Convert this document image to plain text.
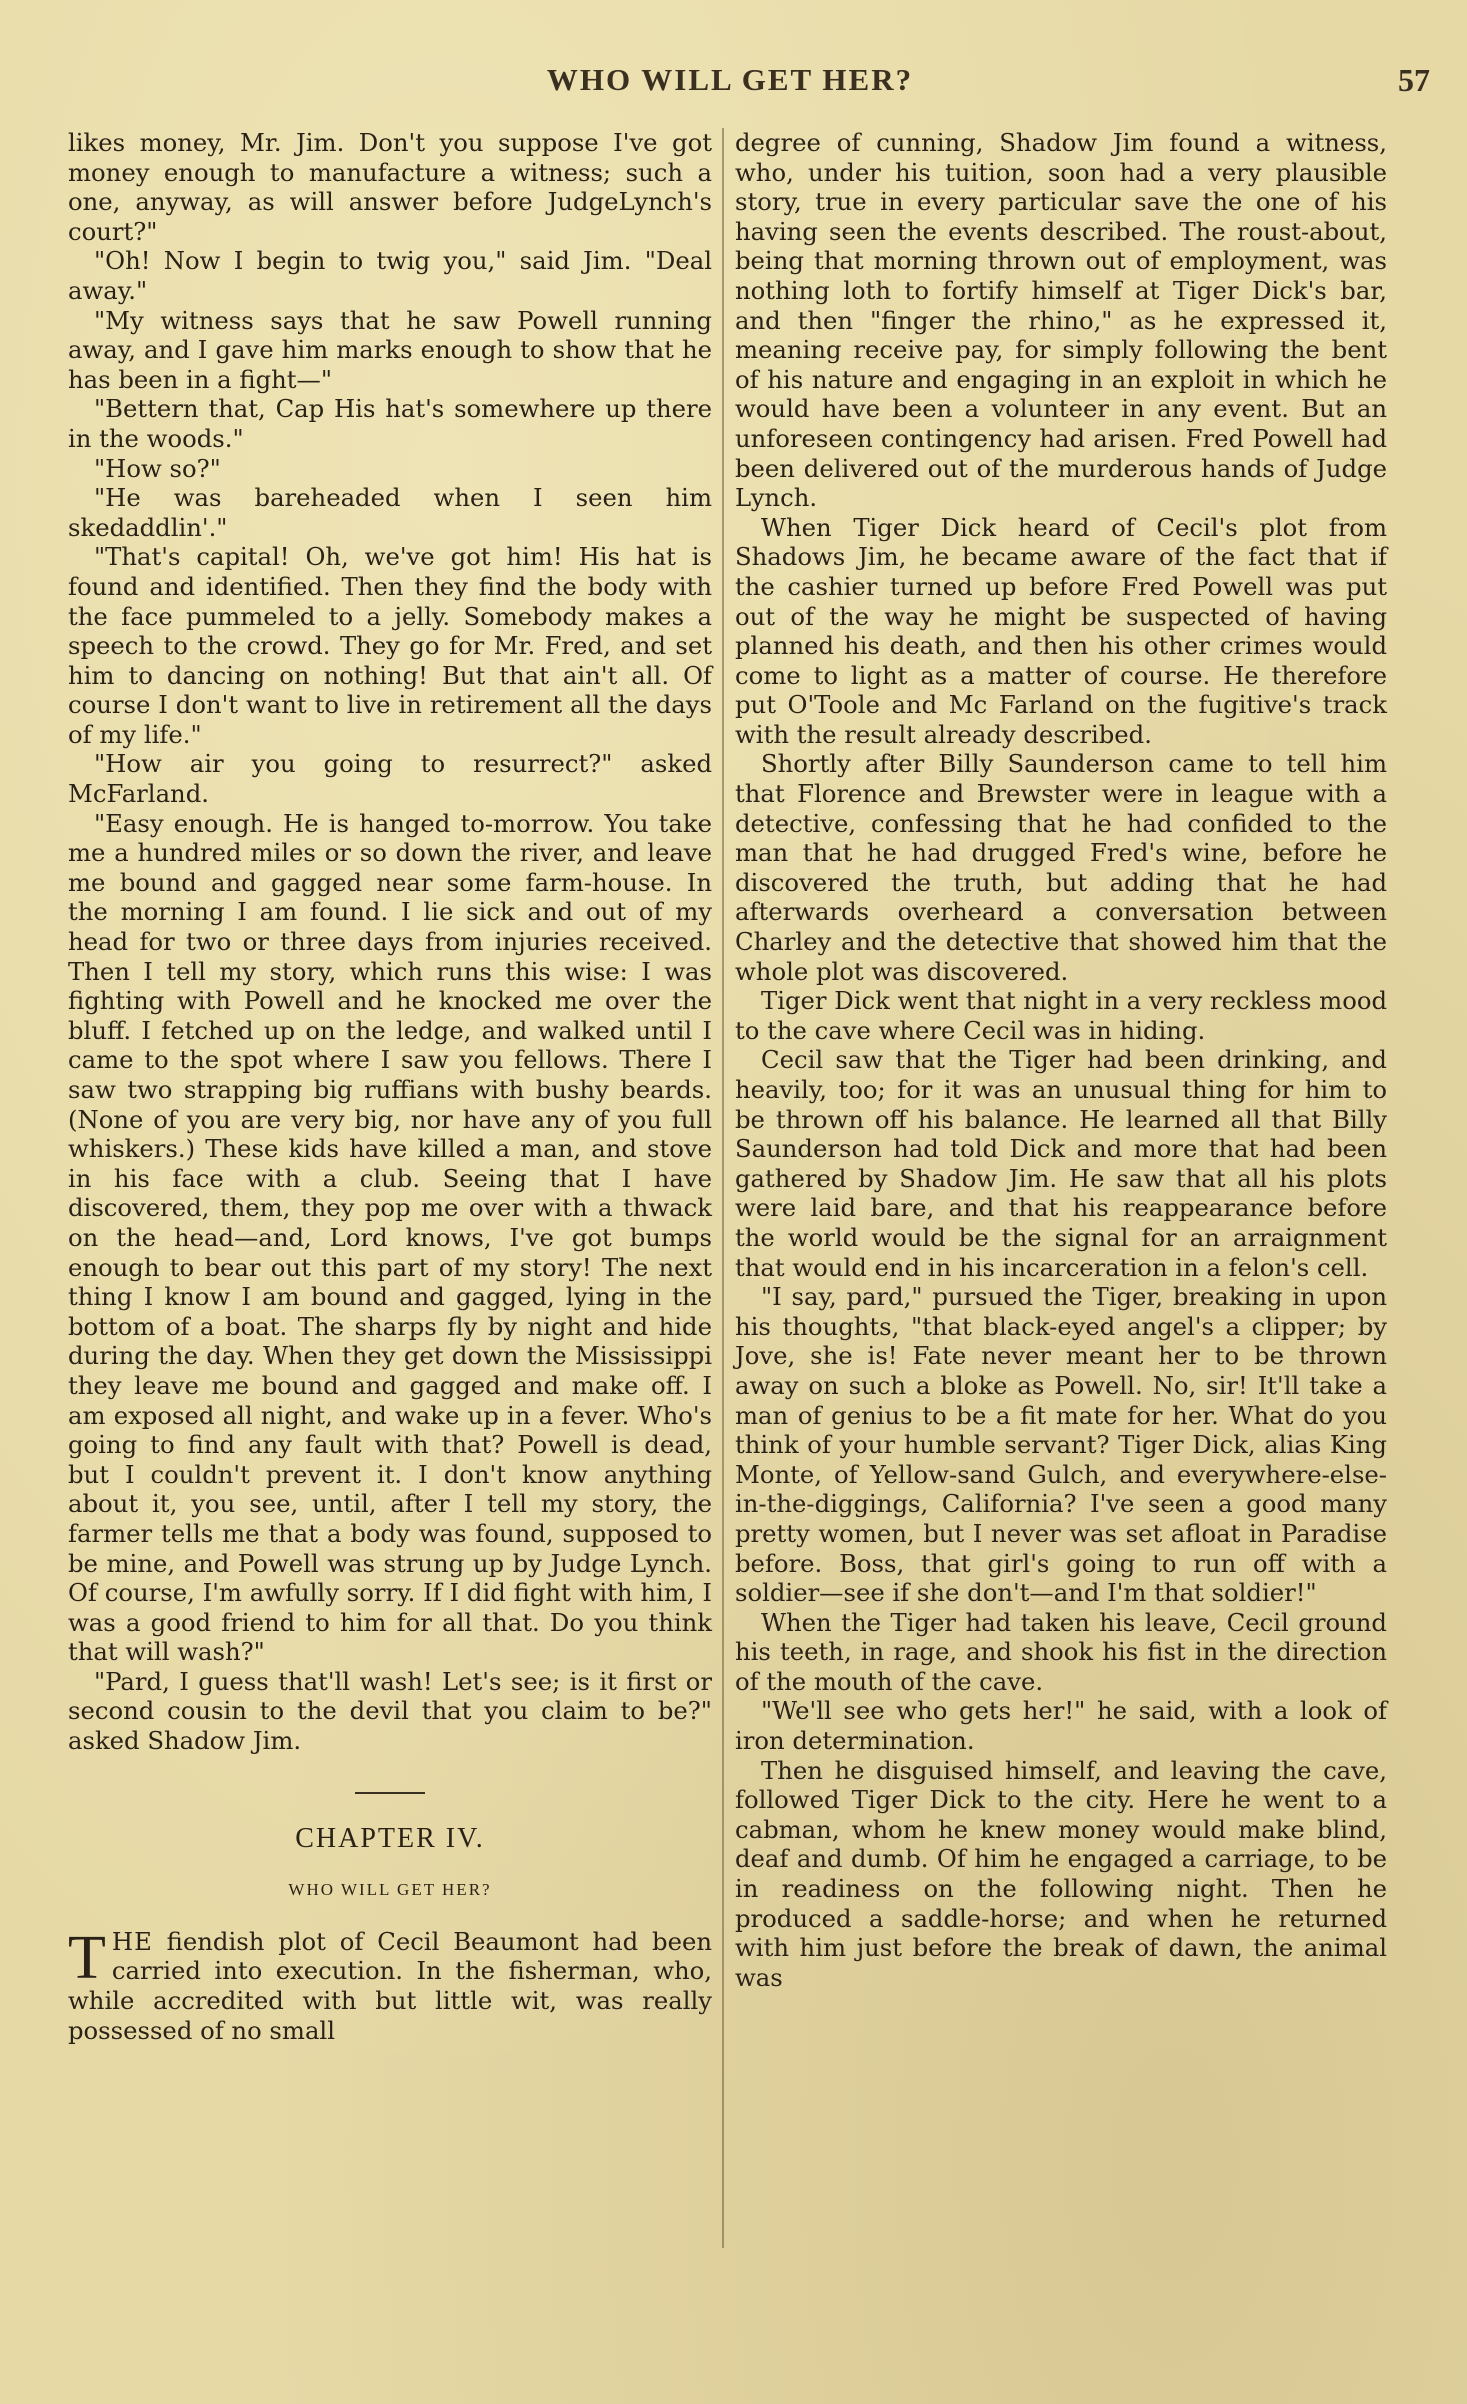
WHO WILL GET HER?	57

likes money, Mr. Jim. Don't you suppose I've got money enough to manufacture a witness; such a one, anyway, as will answer before JudgeLynch's court?"

"Oh! Now I begin to twig you," said Jim. "Deal away."

"My witness says that he saw Powell running away, and I gave him marks enough to show that he has been in a fight—"

"Bettern that, Cap His hat's somewhere up there in the woods."

"How so?"

"He was bareheaded when I seen him skedaddlin'."

"That's capital! Oh, we've got him! His hat is found and identified. Then they find the body with the face pummeled to a jelly. Somebody makes a speech to the crowd. They go for Mr. Fred, and set him to dancing on nothing! But that ain't all. Of course I don't want to live in retirement all the days of my life."

"How air you going to resurrect?" asked McFarland.

"Easy enough. He is hanged to-morrow. You take me a hundred miles or so down the river, and leave me bound and gagged near some farm-house. In the morning I am found. I lie sick and out of my head for two or three days from injuries received. Then I tell my story, which runs this wise: I was fighting with Powell and he knocked me over the bluff. I fetched up on the ledge, and walked until I came to the spot where I saw you fellows. There I saw two strapping big ruffians with bushy beards. (None of you are very big, nor have any of you full whiskers.) These kids have killed a man, and stove in his face with a club. Seeing that I have discovered, them, they pop me over with a thwack on the head—and, Lord knows, I've got bumps enough to bear out this part of my story! The next thing I know I am bound and gagged, lying in the bottom of a boat. The sharps fly by night and hide during the day. When they get down the Mississippi they leave me bound and gagged and make off. I am exposed all night, and wake up in a fever. Who's going to find any fault with that? Powell is dead, but I couldn't prevent it. I don't know anything about it, you see, until, after I tell my story, the farmer tells me that a body was found, supposed to be mine, and Powell was strung up by Judge Lynch. Of course, I'm awfully sorry. If I did fight with him, I was a good friend to him for all that. Do you think that will wash?"

"Pard, I guess that'll wash! Let's see; is it first or second cousin to the devil that you claim to be?" asked Shadow Jim.

CHAPTER IV.
WHO WILL GET HER?

THE fiendish plot of Cecil Beaumont had been carried into execution. In the fisherman, who, while accredited with but little wit, was really possessed of no small

degree of cunning, Shadow Jim found a witness, who, under his tuition, soon had a very plausible story, true in every particular save the one of his having seen the events described. The roust-about, being that morning thrown out of employment, was nothing loth to fortify himself at Tiger Dick's bar, and then "finger the rhino," as he expressed it, meaning receive pay, for simply following the bent of his nature and engaging in an exploit in which he would have been a volunteer in any event. But an unforeseen contingency had arisen. Fred Powell had been delivered out of the murderous hands of Judge Lynch.

When Tiger Dick heard of Cecil's plot from Shadows Jim, he became aware of the fact that if the cashier turned up before Fred Powell was put out of the way he might be suspected of having planned his death, and then his other crimes would come to light as a matter of course. He therefore put O'Toole and Mc Farland on the fugitive's track with the result already described.

Shortly after Billy Saunderson came to tell him that Florence and Brewster were in league with a detective, confessing that he had confided to the man that he had drugged Fred's wine, before he discovered the truth, but adding that he had afterwards overheard a conversation between Charley and the detective that showed him that the whole plot was discovered.

Tiger Dick went that night in a very reckless mood to the cave where Cecil was in hiding.

Cecil saw that the Tiger had been drinking, and heavily, too; for it was an unusual thing for him to be thrown off his balance. He learned all that Billy Saunderson had told Dick and more that had been gathered by Shadow Jim. He saw that all his plots were laid bare, and that his reappearance before the world would be the signal for an arraignment that would end in his incarceration in a felon's cell.

"I say, pard," pursued the Tiger, breaking in upon his thoughts, "that black-eyed angel's a clipper; by Jove, she is! Fate never meant her to be thrown away on such a bloke as Powell. No, sir! It'll take a man of genius to be a fit mate for her. What do you think of your humble servant? Tiger Dick, alias King Monte, of Yellow-sand Gulch, and everywhere-else-in-the-diggings, California? I've seen a good many pretty women, but I never was set afloat in Paradise before. Boss, that girl's going to run off with a soldier—see if she don't—and I'm that soldier!"

When the Tiger had taken his leave, Cecil ground his teeth, in rage, and shook his fist in the direction of the mouth of the cave.

"We'll see who gets her!" he said, with a look of iron determination.

Then he disguised himself, and leaving the cave, followed Tiger Dick to the city. Here he went to a cabman, whom he knew money would make blind, deaf and dumb. Of him he engaged a carriage, to be in readiness on the following night. Then he produced a saddle-horse; and when he returned with him just before the break of dawn, the animal was
